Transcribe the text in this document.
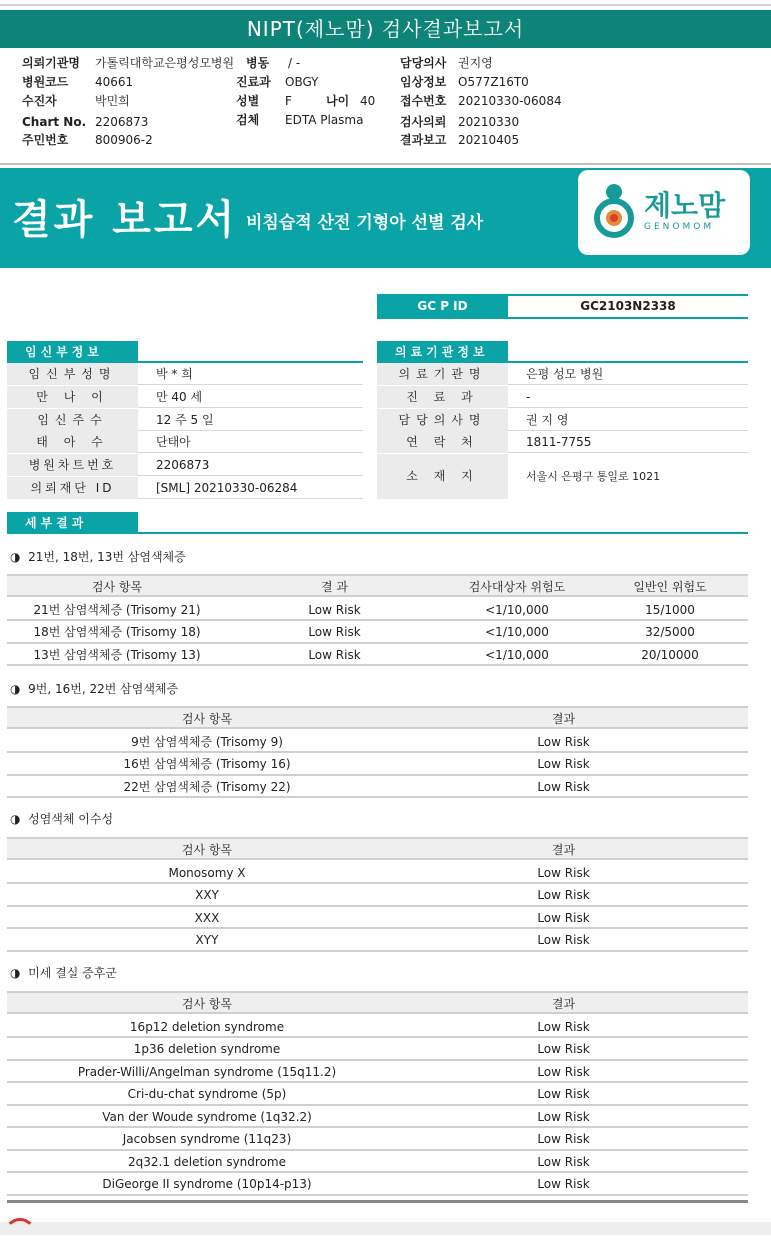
NIPT(제노맘) 검사결과보고서
의뢰기관명 가톨릭대학교은평성모병원 병동 / -
병원코드 40661
수진자	박민희
Chart No. 2206873
주민번호 800906-2
진료과 OBGY
성별 F	나이 40
검체 EDTA Plasma
담당의사 권지영
임상정보 O577Z16T0
접수번호 20210330-06084
검사의뢰 20210330
결과보고 20210405
결과 보고서 비침습적 산전 기형아 선별 검사
제노맘
GENOMOM
GC P ID	GC2103N2338
임신부정보
임신부성명	박 * 희
만 나 이	만 40 세
임신주수	12 주 5 일
태 아 수	단태아
병원차트번호	2206873
의뢰재단 ID	[SML] 20210330-06284
의료기관정보
의료기관명	은평 성모 병원
진 료 과	-
담당의사명	권 지 영
연 락 처	1811-7755
소 재 지	서울시 은평구 통일로 1021
세부결과
◑ 21번, 18번, 13번 삼염색체증
검사 항목	결 과	검사대상자 위험도	일반인 위험도
21번 삼염색체증 (Trisomy 21)	Low Risk	<1/10,000	15/1000
18번 삼염색체증 (Trisomy 18)	Low Risk	<1/10,000	32/5000
13번 삼염색체증 (Trisomy 13)	Low Risk	<1/10,000	20/10000
◑ 9번, 16번, 22번 삼염색체증
검사 항목	결과
9번 삼염색체증 (Trisomy 9)	Low Risk
16번 삼염색체증 (Trisomy 16)	Low Risk
22번 삼염색체증 (Trisomy 22)	Low Risk
◑ 성염색체 이수성
검사 항목	결과
Monosomy X	Low Risk
XXY	Low Risk
XXX	Low Risk
XYY	Low Risk
◑ 미세 결실 증후군
검사 항목	결과
16p12 deletion syndrome	Low Risk
1p36 deletion syndrome	Low Risk
Prader-Willi/Angelman syndrome (15q11.2)	Low Risk
Cri-du-chat syndrome (5p)	Low Risk
Van der Woude syndrome (1q32.2)	Low Risk
Jacobsen syndrome (11q23)	Low Risk
2q32.1 deletion syndrome	Low Risk
DiGeorge II syndrome (10p14-p13)	Low Risk
